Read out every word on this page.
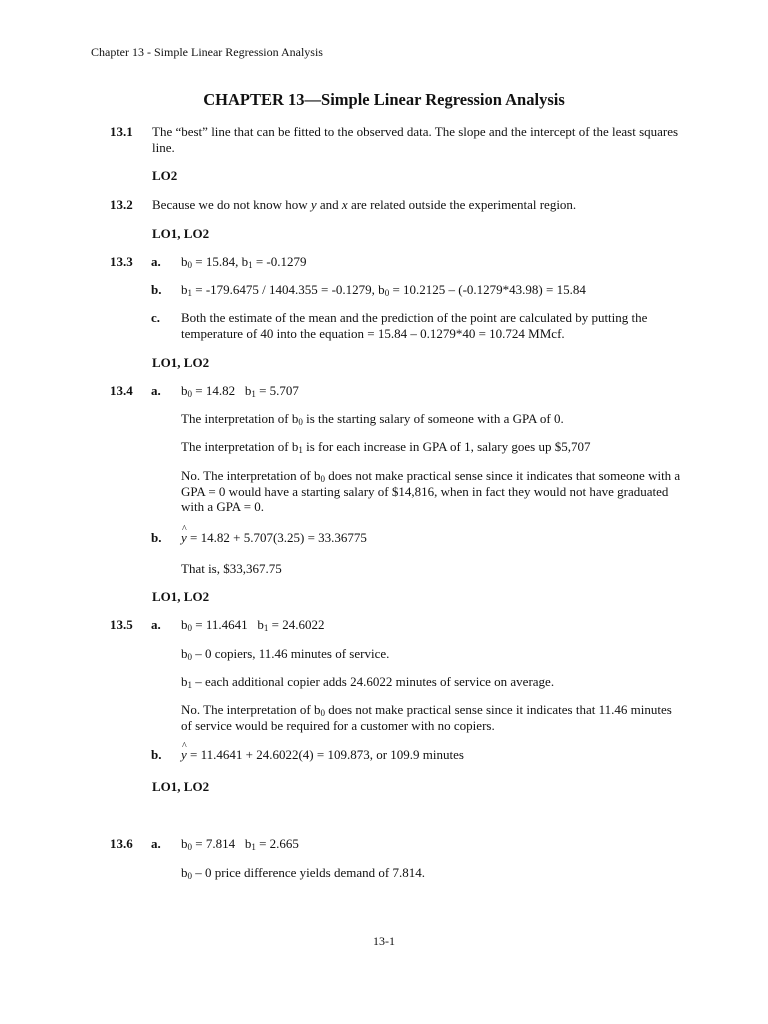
Chapter 13 - Simple Linear Regression Analysis
CHAPTER 13—Simple Linear Regression Analysis
13.1 The “best” line that can be fitted to the observed data. The slope and the intercept of the least squares line.
LO2
13.2 Because we do not know how y and x are related outside the experimental region.
LO1, LO2
13.3 a. $b_0 = 15.84$, $b_1 = -0.1279$
b. $b_1 = -179.6475 / 1404.355 = -0.1279$, $b_0 = 10.2125 - (-0.1279*43.98) = 15.84$
c. Both the estimate of the mean and the prediction of the point are calculated by putting the temperature of 40 into the equation = 15.84 – 0.1279*40 = 10.724 MMcf.
LO1, LO2
13.4 a. $b_0 = 14.82$   $b_1 = 5.707$
The interpretation of $b_0$ is the starting salary of someone with a GPA of 0.
The interpretation of $b_1$ is for each increase in GPA of 1, salary goes up $5,707
No. The interpretation of $b_0$ does not make practical sense since it indicates that someone with a GPA = 0 would have a starting salary of $14,816, when in fact they would not have graduated with a GPA = 0.
b. ^ y = 14.82 + 5.707(3.25) = 33.36775
That is, $33,367.75
LO1, LO2
13.5 a. $b_0 = 11.4641$   $b_1 = 24.6022$
$b_0 - 0$ copiers, 11.46 minutes of service.
$b_1$ – each additional copier adds 24.6022 minutes of service on average.
No. The interpretation of $b_0$ does not make practical sense since it indicates that 11.46 minutes of service would be required for a customer with no copiers.
b. ^ y = 11.4641 + 24.6022(4) = 109.873, or 109.9 minutes
LO1, LO2
13.6 a. $b_0 = 7.814$   $b_1 = 2.665$
$b_0 - 0$ price difference yields demand of 7.814.
13-1
